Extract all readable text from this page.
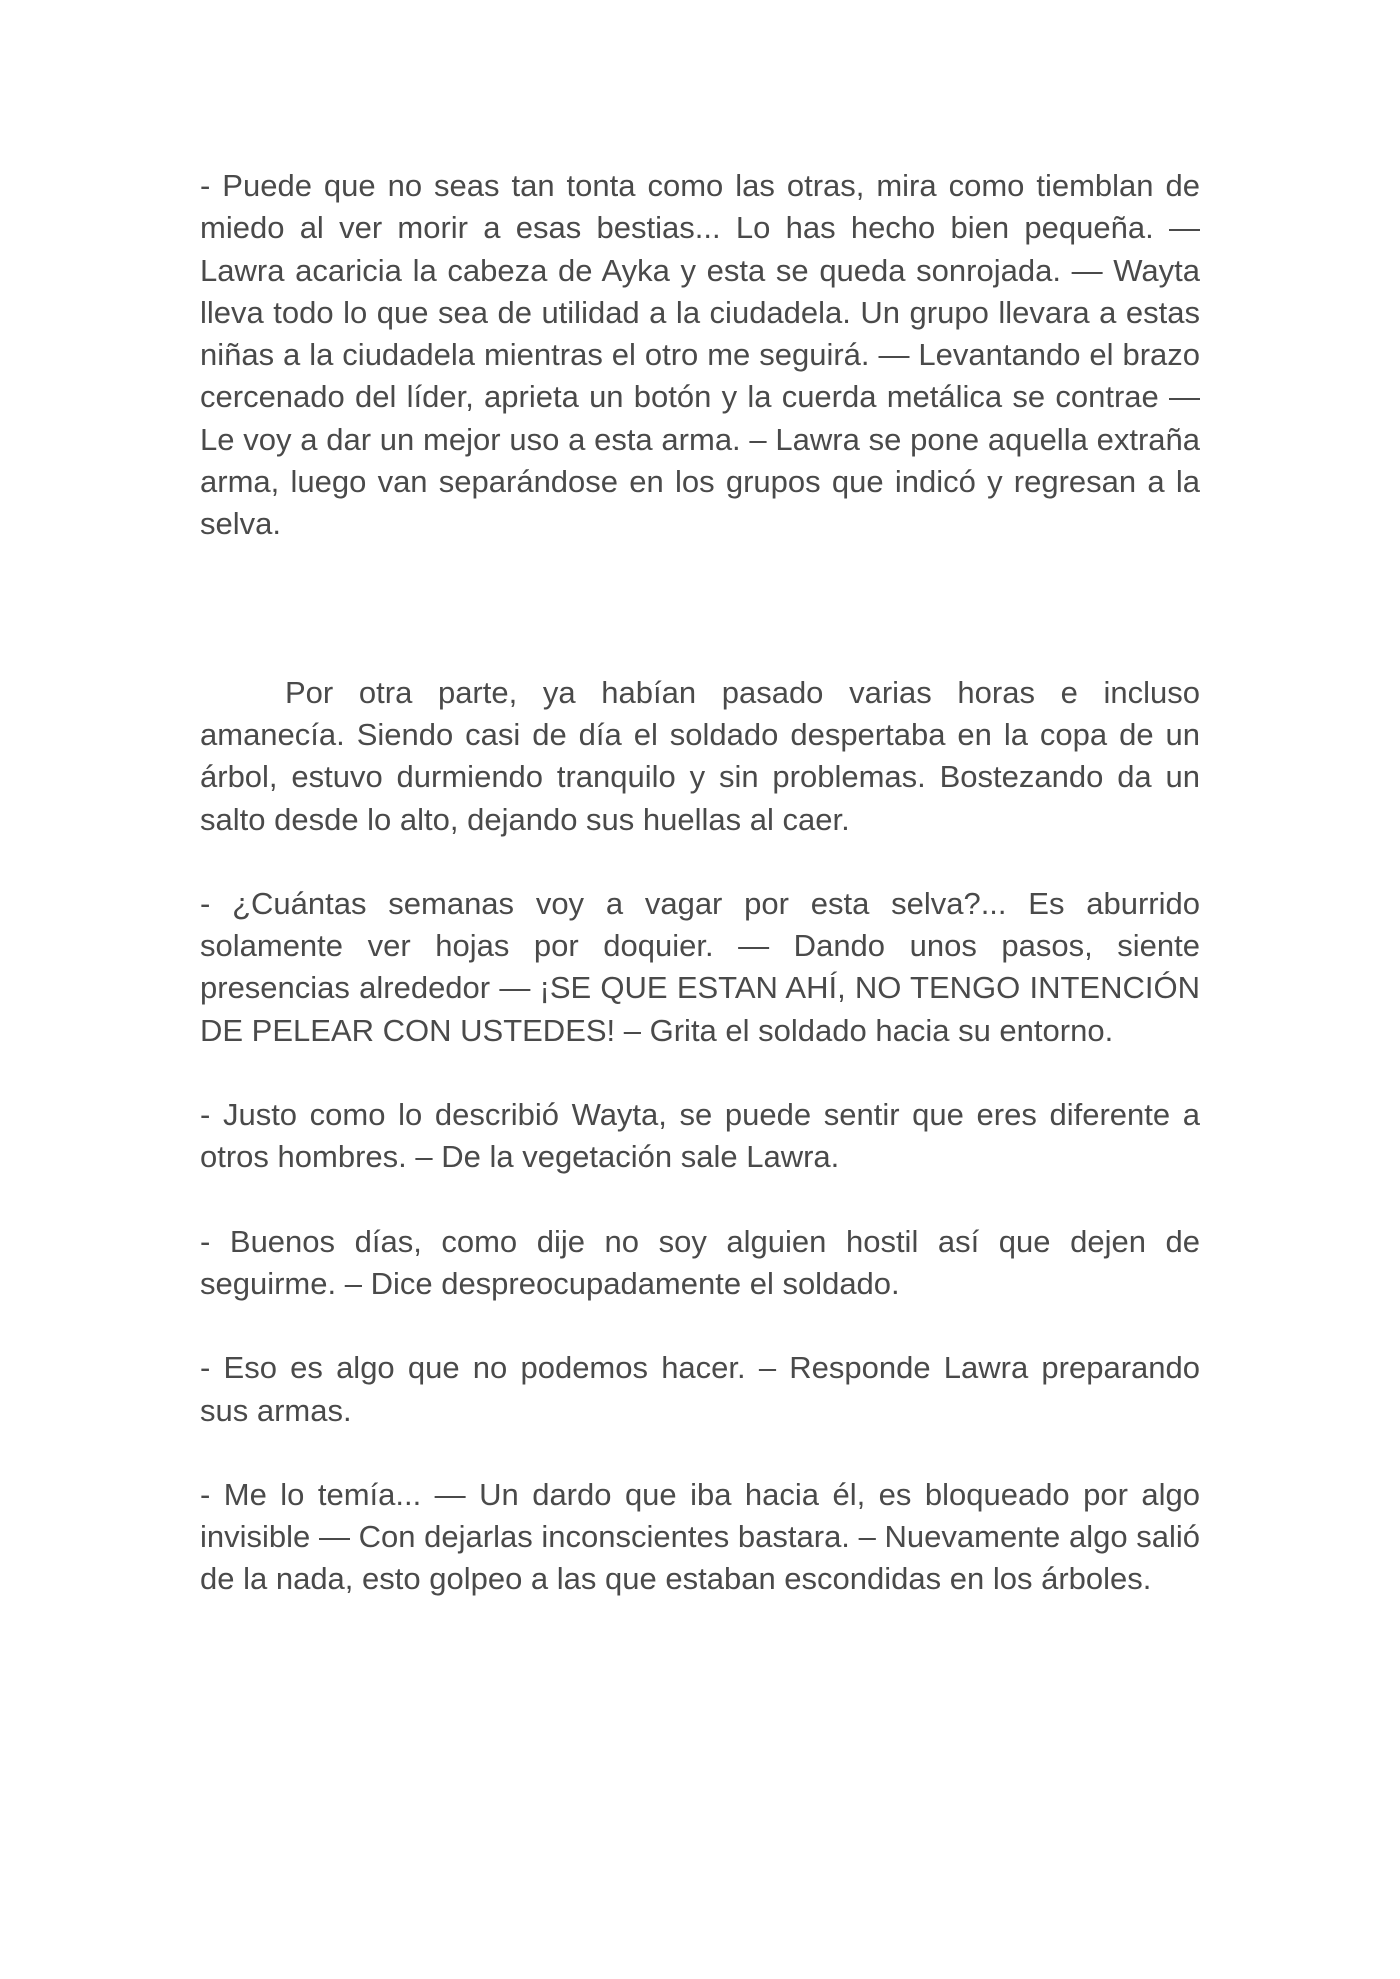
- Puede que no seas tan tonta como las otras, mira como tiemblan de miedo al ver morir a esas bestias... Lo has hecho bien pequeña. — Lawra acaricia la cabeza de Ayka y esta se queda sonrojada. — Wayta lleva todo lo que sea de utilidad a la ciudadela. Un grupo llevara a estas niñas a la ciudadela mientras el otro me seguirá. — Levantando el brazo cercenado del líder, aprieta un botón y la cuerda metálica se contrae — Le voy a dar un mejor uso a esta arma. – Lawra se pone aquella extraña arma, luego van separándose en los grupos que indicó y regresan a la selva.

Por otra parte, ya habían pasado varias horas e incluso amanecía. Siendo casi de día el soldado despertaba en la copa de un árbol, estuvo durmiendo tranquilo y sin problemas. Bostezando da un salto desde lo alto, dejando sus huellas al caer.

- ¿Cuántas semanas voy a vagar por esta selva?... Es aburrido solamente ver hojas por doquier. — Dando unos pasos, siente presencias alrededor — ¡SE QUE ESTAN AHÍ, NO TENGO INTENCIÓN DE PELEAR CON USTEDES! – Grita el soldado hacia su entorno.

- Justo como lo describió Wayta, se puede sentir que eres diferente a otros hombres. – De la vegetación sale Lawra.

- Buenos días, como dije no soy alguien hostil así que dejen de seguirme. – Dice despreocupadamente el soldado.

- Eso es algo que no podemos hacer. – Responde Lawra preparando sus armas.

- Me lo temía... — Un dardo que iba hacia él, es bloqueado por algo invisible — Con dejarlas inconscientes bastara. – Nuevamente algo salió de la nada, esto golpeo a las que estaban escondidas en los árboles.
